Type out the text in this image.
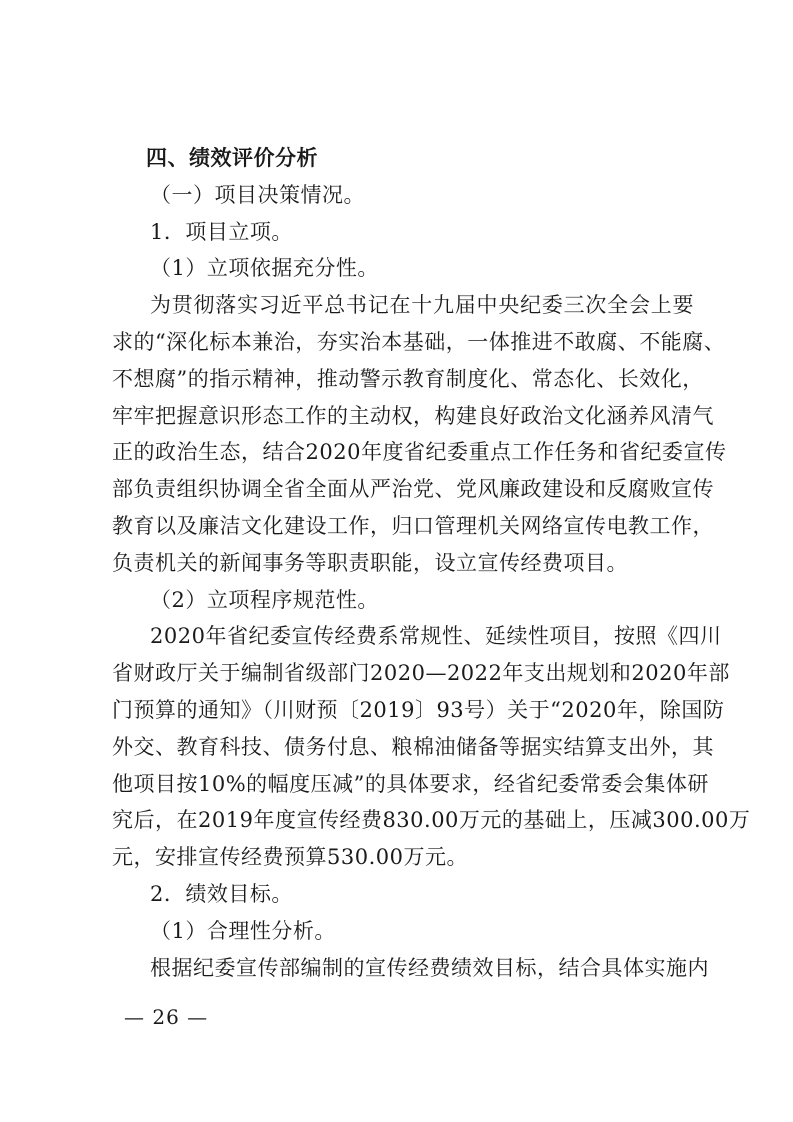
四、绩效评价分析
（一）项目决策情况。
1．项目立项。
（1）立项依据充分性。
为贯彻落实习近平总书记在十九届中央纪委三次全会上要
求的“深化标本兼治，夯实治本基础，一体推进不敢腐、不能腐、
不想腐”的指示精神，推动警示教育制度化、常态化、长效化，
牢牢把握意识形态工作的主动权，构建良好政治文化涵养风清气
正的政治生态，结合2020年度省纪委重点工作任务和省纪委宣传
部负责组织协调全省全面从严治党、党风廉政建设和反腐败宣传
教育以及廉洁文化建设工作，归口管理机关网络宣传电教工作，
负责机关的新闻事务等职责职能，设立宣传经费项目。
（2）立项程序规范性。
2020年省纪委宣传经费系常规性、延续性项目，按照《四川
省财政厅关于编制省级部门2020—2022年支出规划和2020年部
门预算的通知》（川财预〔2019〕93号）关于“2020年，除国防
外交、教育科技、债务付息、粮棉油储备等据实结算支出外，其
他项目按10%的幅度压减”的具体要求，经省纪委常委会集体研
究后，在2019年度宣传经费830.00万元的基础上，压减300.00万
元，安排宣传经费预算530.00万元。
2．绩效目标。
（1）合理性分析。
根据纪委宣传部编制的宣传经费绩效目标，结合具体实施内
— 26 —
